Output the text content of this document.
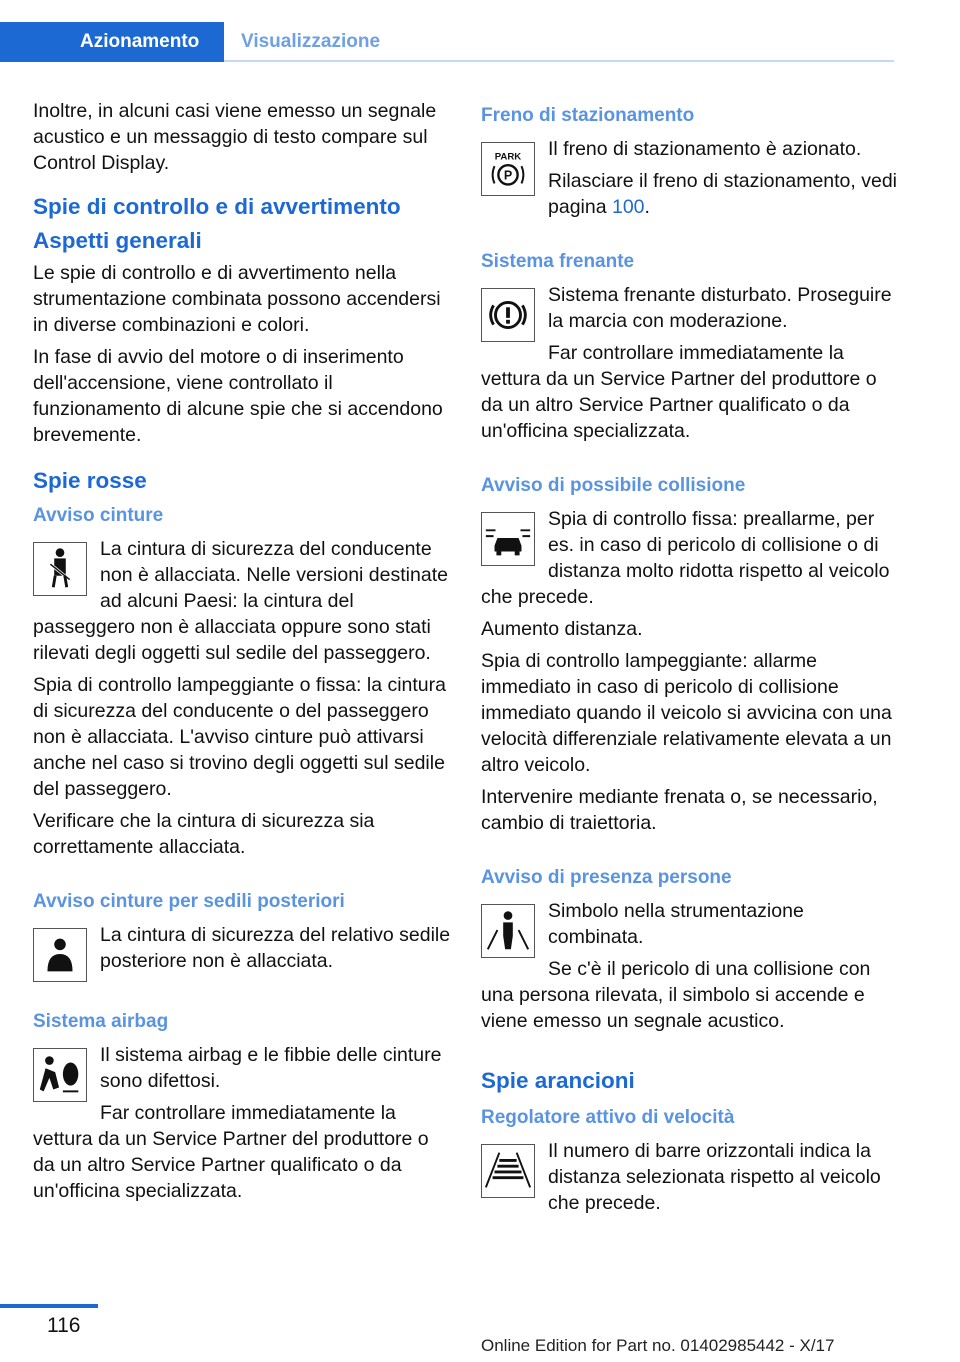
Azionamento	Visualizzazione

Inoltre, in alcuni casi viene emesso un segnale acustico e un messaggio di testo compare sul Control Display.

Spie di controllo e di avvertimento
Aspetti generali

Le spie di controllo e di avvertimento nella strumentazione combinata possono accendersi in diverse combinazioni e colori.

In fase di avvio del motore o di inserimento dell'accensione, viene controllato il funzionamento di alcune spie che si accendono brevemente.

Spie rosse
Avviso cinture

La cintura di sicurezza del conducente non è allacciata. Nelle versioni destinate ad alcuni Paesi: la cintura del passeggero non è allacciata oppure sono stati rilevati degli oggetti sul sedile del passeggero.

Spia di controllo lampeggiante o fissa: la cintura di sicurezza del conducente o del passeggero non è allacciata. L'avviso cinture può attivarsi anche nel caso si trovino degli oggetti sul sedile del passeggero.

Verificare che la cintura di sicurezza sia correttamente allacciata.

Avviso cinture per sedili posteriori

La cintura di sicurezza del relativo sedile posteriore non è allacciata.

Sistema airbag

Il sistema airbag e le fibbie delle cinture sono difettosi.

Far controllare immediatamente la vettura da un Service Partner del produttore o da un altro Service Partner qualificato o da un'officina specializzata.

Freno di stazionamento
PARK
P

Il freno di stazionamento è azionato.

Rilasciare il freno di stazionamento, vedi pagina 100.

Sistema frenante

Sistema frenante disturbato. Proseguire la marcia con moderazione.

Far controllare immediatamente la vettura da un Service Partner del produttore o da un altro Service Partner qualificato o da un'officina specializzata.

Avviso di possibile collisione

Spia di controllo fissa: preallarme, per es. in caso di pericolo di collisione o di distanza molto ridotta rispetto al veicolo che precede.

Aumento distanza.

Spia di controllo lampeggiante: allarme immediato in caso di pericolo di collisione immediato quando il veicolo si avvicina con una velocità differenziale relativamente elevata a un altro veicolo.

Intervenire mediante frenata o, se necessario, cambio di traiettoria.

Avviso di presenza persone

Simbolo nella strumentazione combinata.

Se c'è il pericolo di una collisione con una persona rilevata, il simbolo si accende e viene emesso un segnale acustico.

Spie arancioni
Regolatore attivo di velocità

Il numero di barre orizzontali indica la distanza selezionata rispetto al veicolo che precede.

116
Online Edition for Part no. 01402985442 - X/17
